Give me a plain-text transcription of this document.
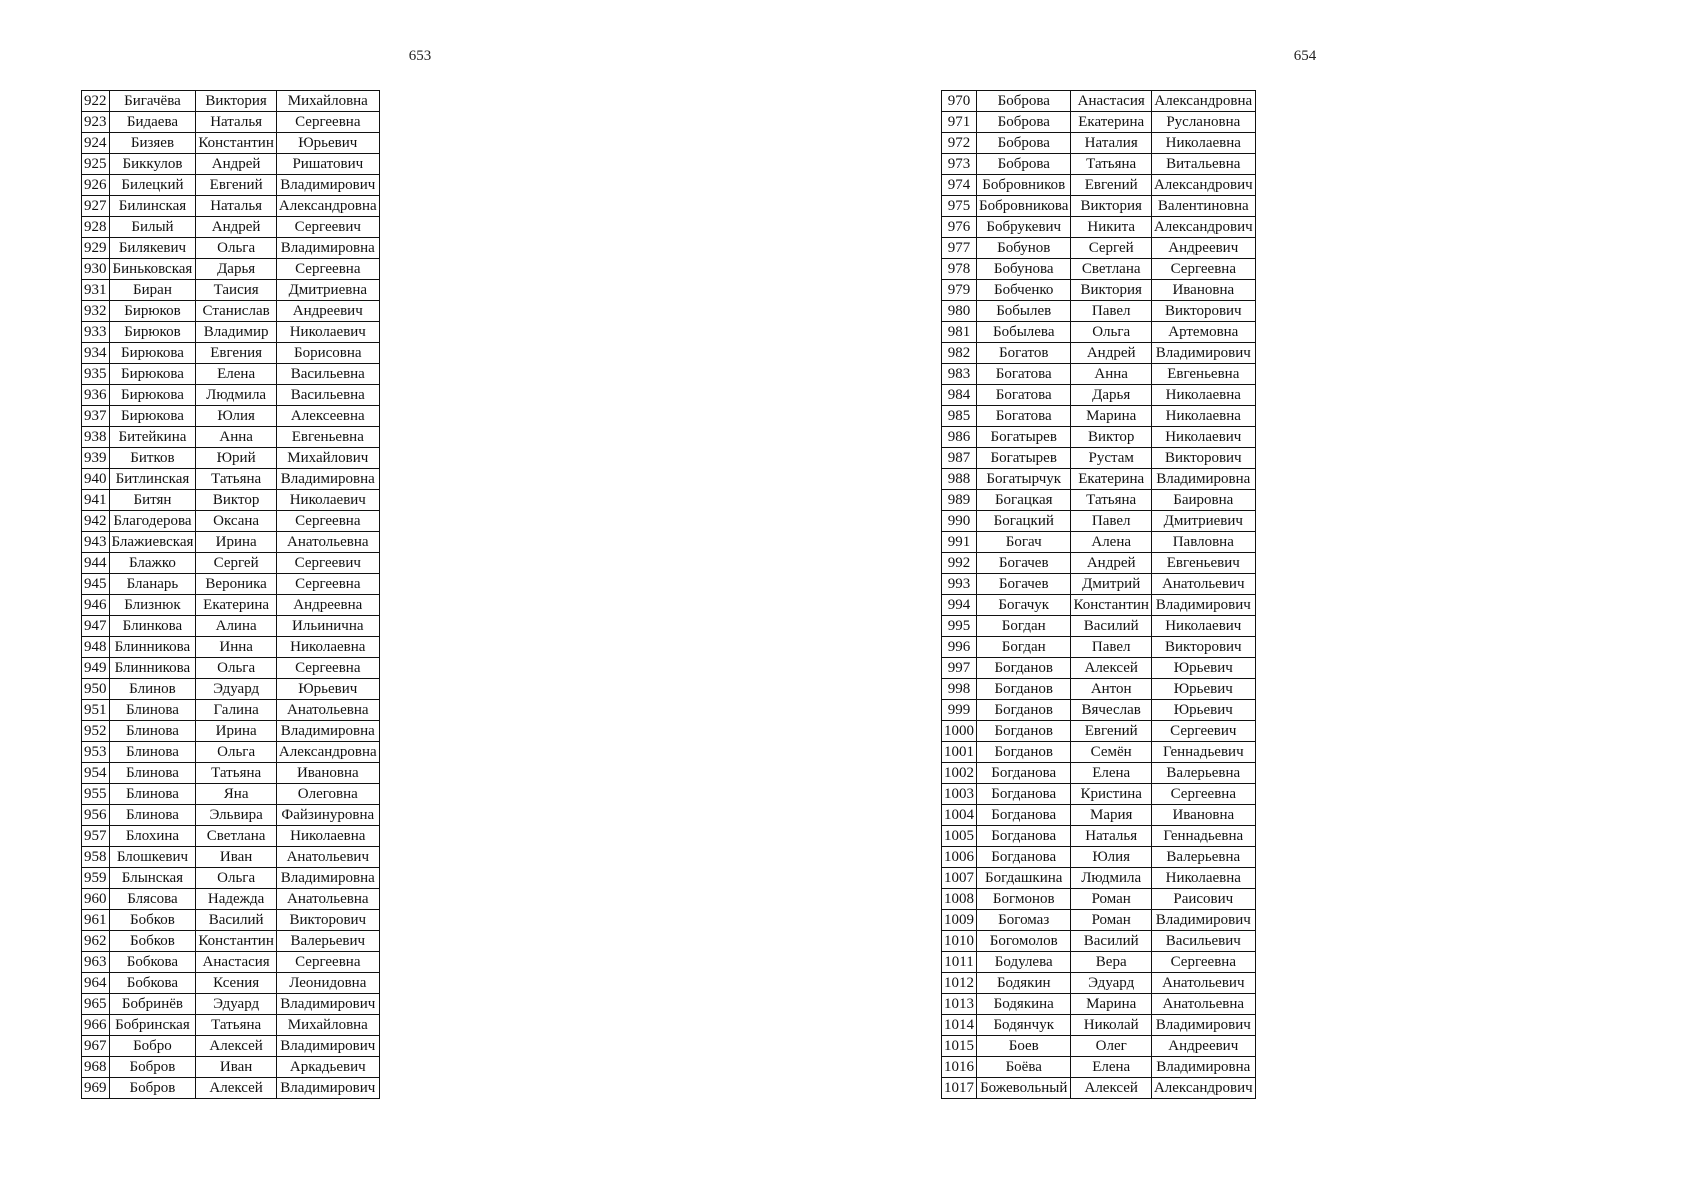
653
922	Бигачёва	Виктория	Михайловна
923	Бидаева	Наталья	Сергеевна
924	Бизяев	Константин	Юрьевич
925	Биккулов	Андрей	Ришатович
926	Билецкий	Евгений	Владимирович
927	Билинская	Наталья	Александровна
928	Билый	Андрей	Сергеевич
929	Билякевич	Ольга	Владимировна
930	Биньковская	Дарья	Сергеевна
931	Биран	Таисия	Дмитриевна
932	Бирюков	Станислав	Андреевич
933	Бирюков	Владимир	Николаевич
934	Бирюкова	Евгения	Борисовна
935	Бирюкова	Елена	Васильевна
936	Бирюкова	Людмила	Васильевна
937	Бирюкова	Юлия	Алексеевна
938	Битейкина	Анна	Евгеньевна
939	Битков	Юрий	Михайлович
940	Битлинская	Татьяна	Владимировна
941	Битян	Виктор	Николаевич
942	Благодерова	Оксана	Сергеевна
943	Блажиевская	Ирина	Анатольевна
944	Блажко	Сергей	Сергеевич
945	Бланарь	Вероника	Сергеевна
946	Близнюк	Екатерина	Андреевна
947	Блинкова	Алина	Ильинична
948	Блинникова	Инна	Николаевна
949	Блинникова	Ольга	Сергеевна
950	Блинов	Эдуард	Юрьевич
951	Блинова	Галина	Анатольевна
952	Блинова	Ирина	Владимировна
953	Блинова	Ольга	Александровна
954	Блинова	Татьяна	Ивановна
955	Блинова	Яна	Олеговна
956	Блинова	Эльвира	Файзинуровна
957	Блохина	Светлана	Николаевна
958	Блошкевич	Иван	Анатольевич
959	Блынская	Ольга	Владимировна
960	Блясова	Надежда	Анатольевна
961	Бобков	Василий	Викторович
962	Бобков	Константин	Валерьевич
963	Бобкова	Анастасия	Сергеевна
964	Бобкова	Ксения	Леонидовна
965	Бобринёв	Эдуард	Владимирович
966	Бобринская	Татьяна	Михайловна
967	Бобро	Алексей	Владимирович
968	Бобров	Иван	Аркадьевич
969	Бобров	Алексей	Владимирович
654
970	Боброва	Анастасия	Александровна
971	Боброва	Екатерина	Руслановна
972	Боброва	Наталия	Николаевна
973	Боброва	Татьяна	Витальевна
974	Бобровников	Евгений	Александрович
975	Бобровникова	Виктория	Валентиновна
976	Бобрукевич	Никита	Александрович
977	Бобунов	Сергей	Андреевич
978	Бобунова	Светлана	Сергеевна
979	Бобченко	Виктория	Ивановна
980	Бобылев	Павел	Викторович
981	Бобылева	Ольга	Артемовна
982	Богатов	Андрей	Владимирович
983	Богатова	Анна	Евгеньевна
984	Богатова	Дарья	Николаевна
985	Богатова	Марина	Николаевна
986	Богатырев	Виктор	Николаевич
987	Богатырев	Рустам	Викторович
988	Богатырчук	Екатерина	Владимировна
989	Богацкая	Татьяна	Баировна
990	Богацкий	Павел	Дмитриевич
991	Богач	Алена	Павловна
992	Богачев	Андрей	Евгеньевич
993	Богачев	Дмитрий	Анатольевич
994	Богачук	Константин	Владимирович
995	Богдан	Василий	Николаевич
996	Богдан	Павел	Викторович
997	Богданов	Алексей	Юрьевич
998	Богданов	Антон	Юрьевич
999	Богданов	Вячеслав	Юрьевич
1000	Богданов	Евгений	Сергеевич
1001	Богданов	Семён	Геннадьевич
1002	Богданова	Елена	Валерьевна
1003	Богданова	Кристина	Сергеевна
1004	Богданова	Мария	Ивановна
1005	Богданова	Наталья	Геннадьевна
1006	Богданова	Юлия	Валерьевна
1007	Богдашкина	Людмила	Николаевна
1008	Богмонов	Роман	Раисович
1009	Богомаз	Роман	Владимирович
1010	Богомолов	Василий	Васильевич
1011	Бодулева	Вера	Сергеевна
1012	Бодякин	Эдуард	Анатольевич
1013	Бодякина	Марина	Анатольевна
1014	Бодянчук	Николай	Владимирович
1015	Боев	Олег	Андреевич
1016	Боёва	Елена	Владимировна
1017	Божевольный	Алексей	Александрович
